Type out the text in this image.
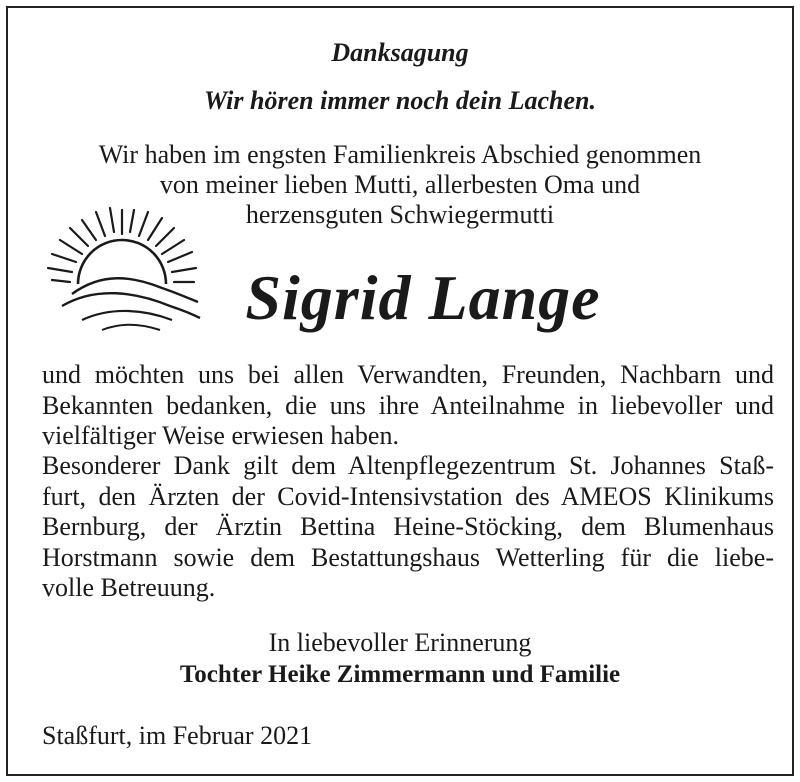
Danksagung
Wir hören immer noch dein Lachen.
Wir haben im engsten Familienkreis Abschied genommen
von meiner lieben Mutti, allerbesten Oma und
herzensguten Schwiegermutti
Sigrid Lange
und möchten uns bei allen Verwandten, Freunden, Nachbarn und
Bekannten bedanken, die uns ihre Anteilnahme in liebevoller und
vielfältiger Weise erwiesen haben.
Besonderer Dank gilt dem Altenpflegezentrum St. Johannes Staß-
furt, den Ärzten der Covid-Intensivstation des AMEOS Klinikums
Bernburg, der Ärztin Bettina Heine-Stöcking, dem Blumenhaus
Horstmann sowie dem Bestattungshaus Wetterling für die liebe-
volle Betreuung.
In liebevoller Erinnerung
Tochter Heike Zimmermann und Familie
Staßfurt, im Februar 2021
